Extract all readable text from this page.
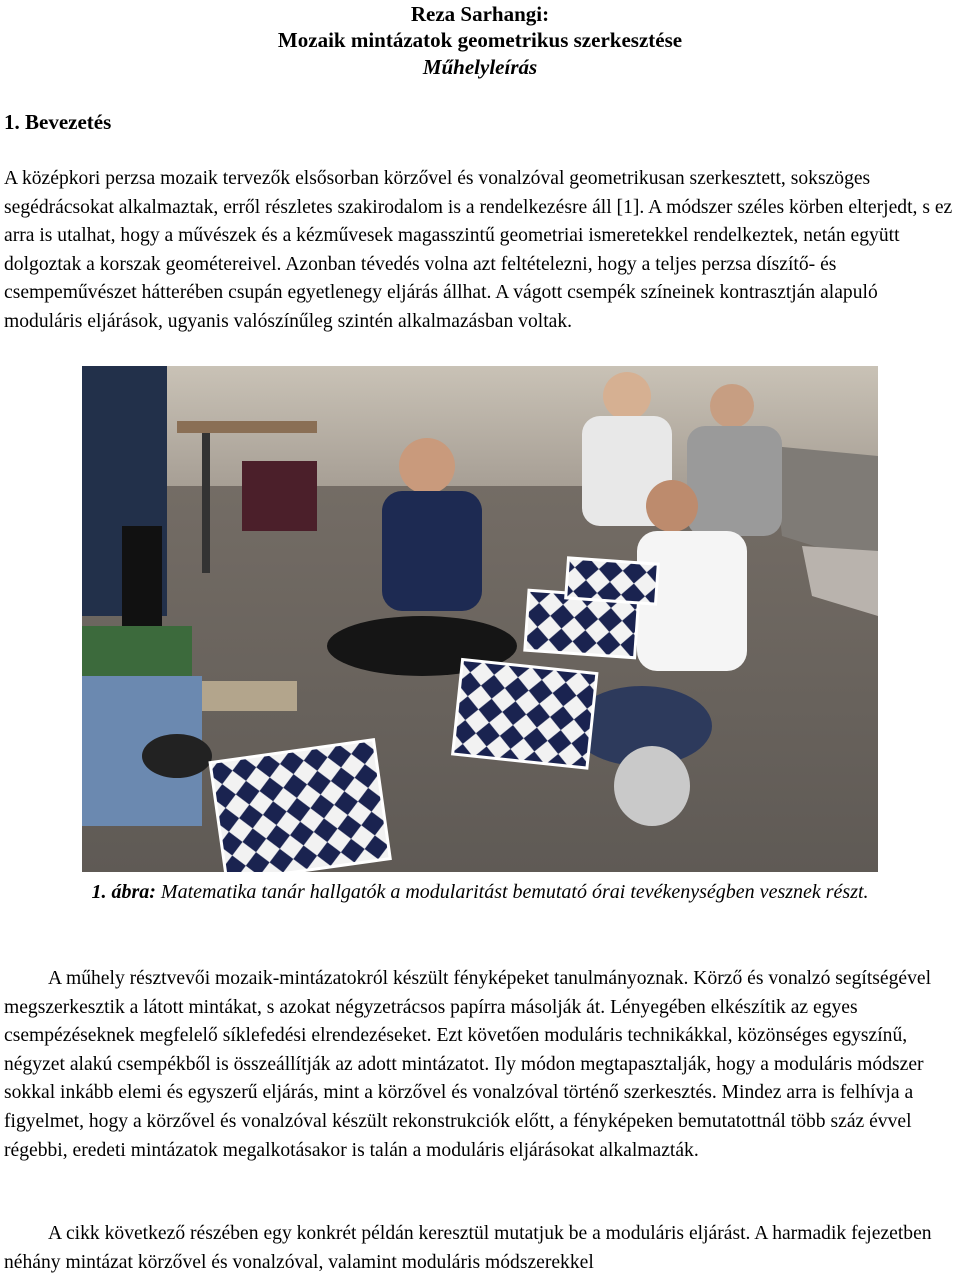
Reza Sarhangi:
Mozaik mintázatok geometrikus szerkesztése
Műhelyleírás
1. Bevezetés

A középkori perzsa mozaik tervezők elsősorban körzővel és vonalzóval geometrikusan szerkesztett, sokszöges segédrácsokat alkalmaztak, erről részletes szakirodalom is a rendelkezésre áll [1]. A módszer széles körben elterjedt, s ez arra is utalhat, hogy a művészek és a kézművesek magasszintű geometriai ismeretekkel rendelkeztek, netán együtt dolgoztak a korszak geométereivel. Azonban tévedés volna azt feltételezni, hogy a teljes perzsa díszítő- és csempeművészet hátterében csupán egyetlenegy eljárás állhat. A vágott csempék színeinek kontrasztján alapuló moduláris eljárások, ugyanis valószínűleg szintén alkalmazásban voltak.

1. ábra: Matematika tanár hallgatók a modularitást bemutató órai tevékenységben vesznek részt.

A műhely résztvevői mozaik-mintázatokról készült fényképeket tanulmányoznak. Körző és vonalzó segítségével megszerkesztik a látott mintákat, s azokat négyzetrácsos papírra másolják át. Lényegében elkészítik az egyes csempézéseknek megfelelő síklefedési elrendezéseket. Ezt követően moduláris technikákkal, közönséges egyszínű, négyzet alakú csempékből is összeállítják az adott mintázatot. Ily módon megtapasztalják, hogy a moduláris módszer sokkal inkább elemi és egyszerű eljárás, mint a körzővel és vonalzóval történő szerkesztés. Mindez arra is felhívja a figyelmet, hogy a körzővel és vonalzóval készült rekonstrukciók előtt, a fényképeken bemutatottnál több száz évvel régebbi, eredeti mintázatok megalkotásakor is talán a moduláris eljárásokat alkalmazták.

A cikk következő részében egy konkrét példán keresztül mutatjuk be a moduláris eljárást. A harmadik fejezetben néhány mintázat körzővel és vonalzóval, valamint moduláris módszerekkel
